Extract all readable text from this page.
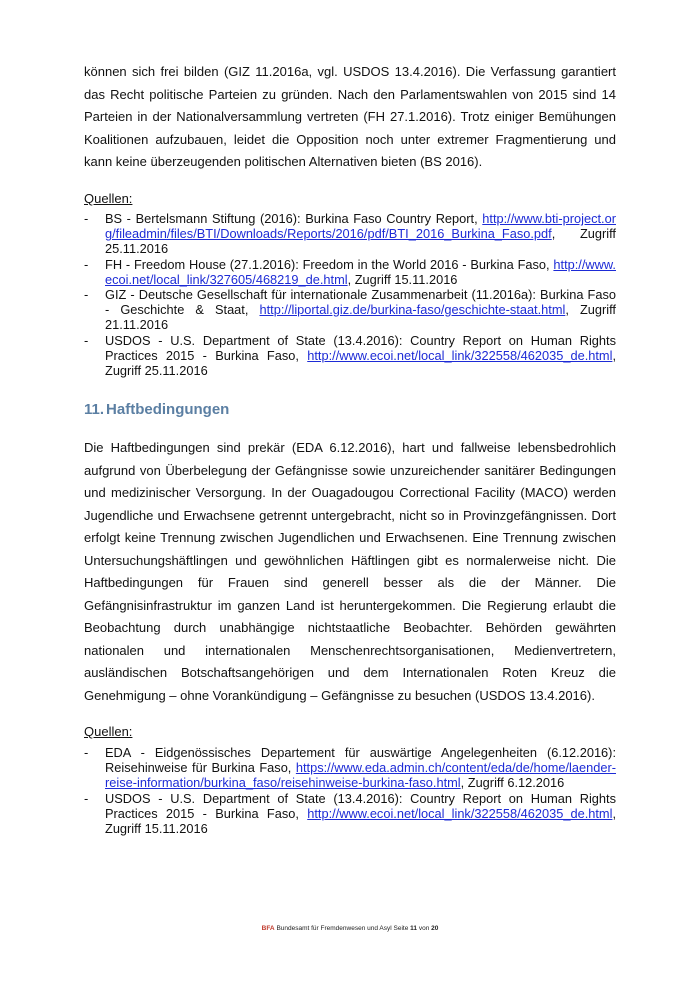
können sich frei bilden (GIZ 11.2016a, vgl. USDOS 13.4.2016). Die Verfassung garantiert das Recht politische Parteien zu gründen. Nach den Parlamentswahlen von 2015 sind 14 Parteien in der Nationalversammlung vertreten (FH 27.1.2016). Trotz einiger Bemühungen Koalitionen aufzubauen, leidet die Opposition noch unter extremer Fragmentierung und kann keine überzeugenden politischen Alternativen bieten (BS 2016).

Quellen:

- BS - Bertelsmann Stiftung (2016): Burkina Faso Country Report, http://www.bti-project.org/fileadmin/files/BTI/Downloads/Reports/2016/pdf/BTI_2016_Burkina_Faso.pdf, Zugriff 25.11.2016
- FH - Freedom House (27.1.2016): Freedom in the World 2016 - Burkina Faso, http://www.ecoi.net/local_link/327605/468219_de.html, Zugriff 15.11.2016
- GIZ - Deutsche Gesellschaft für internationale Zusammenarbeit (11.2016a): Burkina Faso - Geschichte & Staat, http://liportal.giz.de/burkina-faso/geschichte-staat.html, Zugriff 21.11.2016
- USDOS - U.S. Department of State (13.4.2016): Country Report on Human Rights Practices 2015 - Burkina Faso, http://www.ecoi.net/local_link/322558/462035_de.html, Zugriff 25.11.2016
11. Haftbedingungen

Die Haftbedingungen sind prekär (EDA 6.12.2016), hart und fallweise lebensbedrohlich aufgrund von Überbelegung der Gefängnisse sowie unzureichender sanitärer Bedingungen und medizinischer Versorgung. In der Ouagadougou Correctional Facility (MACO) werden Jugendliche und Erwachsene getrennt untergebracht, nicht so in Provinzgefängnissen. Dort erfolgt keine Trennung zwischen Jugendlichen und Erwachsenen. Eine Trennung zwischen Untersuchungshäftlingen und gewöhnlichen Häftlingen gibt es normalerweise nicht. Die Haftbedingungen für Frauen sind generell besser als die der Männer. Die Gefängnisinfrastruktur im ganzen Land ist heruntergekommen. Die Regierung erlaubt die Beobachtung durch unabhängige nichtstaatliche Beobachter. Behörden gewährten nationalen und internationalen Menschenrechtsorganisationen, Medienvertretern, ausländischen Botschaftsangehörigen und dem Internationalen Roten Kreuz die Genehmigung – ohne Vorankündigung – Gefängnisse zu besuchen (USDOS 13.4.2016).

Quellen:

- EDA - Eidgenössisches Departement für auswärtige Angelegenheiten (6.12.2016): Reisehinweise für Burkina Faso, https://www.eda.admin.ch/content/eda/de/home/laender-reise-information/burkina_faso/reisehinweise-burkina-faso.html, Zugriff 6.12.2016
- USDOS - U.S. Department of State (13.4.2016): Country Report on Human Rights Practices 2015 - Burkina Faso, http://www.ecoi.net/local_link/322558/462035_de.html, Zugriff 15.11.2016
BFA Bundesamt für Fremdenwesen und Asyl Seite 11 von 20
